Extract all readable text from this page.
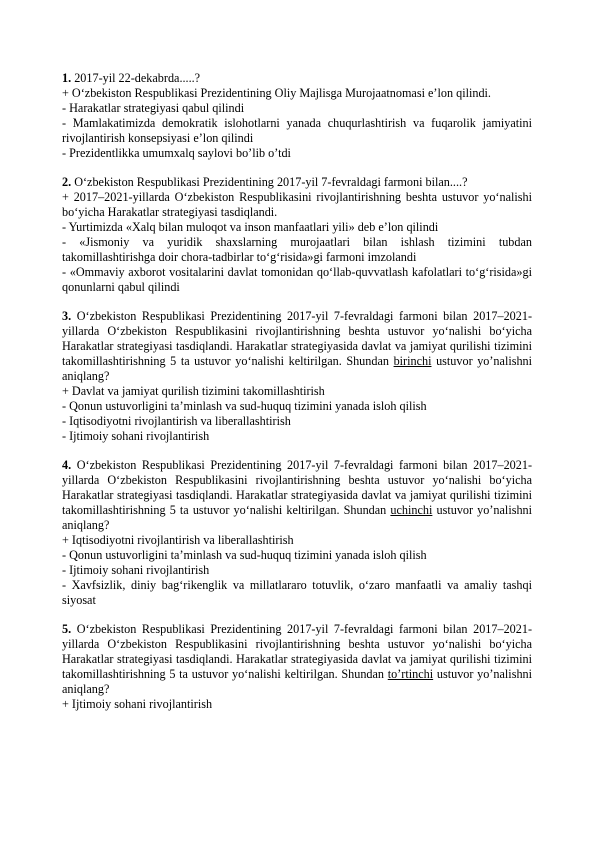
1. 2017-yil 22-dekabrda.....?
+ O‘zbekiston Respublikasi Prezidentining Oliy Majlisga Murojaatnomasi e’lon qilindi.
- Harakatlar strategiyasi qabul qilindi
- Mamlakatimizda demokratik islohotlarni yanada chuqurlashtirish va fuqarolik jamiyatini rivojlantirish konsepsiyasi e’lon qilindi
- Prezidentlikka umumxalq saylovi bo’lib o’tdi
2. O‘zbekiston Respublikasi Prezidentining 2017-yil 7-fevraldagi farmoni bilan....?
+ 2017–2021-yillarda O‘zbekiston Respublikasini rivojlantirishning beshta ustuvor yo‘nalishi bo‘yicha Harakatlar strategiyasi tasdiqlandi.
- Yurtimizda «Xalq bilan muloqot va inson manfaatlari yili» deb e’lon qilindi
- «Jismoniy va yuridik shaxslarning murojaatlari bilan ishlash tizimini tubdan takomillashtirishga doir chora-tadbirlar to‘g‘risida»gi farmoni imzolandi
- «Ommaviy axborot vositalarini davlat tomonidan qo‘llab-quvvatlash kafolatlari to‘g‘risida»gi qonunlarni qabul qilindi
3. O‘zbekiston Respublikasi Prezidentining 2017-yil 7-fevraldagi farmoni bilan 2017–2021-yillarda O‘zbekiston Respublikasini rivojlantirishning beshta ustuvor yo‘nalishi bo‘yicha Harakatlar strategiyasi tasdiqlandi. Harakatlar strategiyasida davlat va jamiyat qurilishi tizimini takomillashtirishning 5 ta ustuvor yo‘nalishi keltirilgan. Shundan birinchi ustuvor yo’nalishni aniqlang?
+ Davlat va jamiyat qurilish tizimini takomillashtirish
- Qonun ustuvorligini ta’minlash va sud-huquq tizimini yanada isloh qilish
- Iqtisodiyotni rivojlantirish va liberallashtirish
- Ijtimoiy sohani rivojlantirish
4. O‘zbekiston Respublikasi Prezidentining 2017-yil 7-fevraldagi farmoni bilan 2017–2021-yillarda O‘zbekiston Respublikasini rivojlantirishning beshta ustuvor yo‘nalishi bo‘yicha Harakatlar strategiyasi tasdiqlandi. Harakatlar strategiyasida davlat va jamiyat qurilishi tizimini takomillashtirishning 5 ta ustuvor yo‘nalishi keltirilgan. Shundan uchinchi ustuvor yo’nalishni aniqlang?
+ Iqtisodiyotni rivojlantirish va liberallashtirish
- Qonun ustuvorligini ta’minlash va sud-huquq tizimini yanada isloh qilish
- Ijtimoiy sohani rivojlantirish
- Xavfsizlik, diniy bag‘rikenglik va millatlararo totuvlik, o‘zaro manfaatli va amaliy tashqi siyosat
5. O‘zbekiston Respublikasi Prezidentining 2017-yil 7-fevraldagi farmoni bilan 2017–2021-yillarda O‘zbekiston Respublikasini rivojlantirishning beshta ustuvor yo‘nalishi bo‘yicha Harakatlar strategiyasi tasdiqlandi. Harakatlar strategiyasida davlat va jamiyat qurilishi tizimini takomillashtirishning 5 ta ustuvor yo‘nalishi keltirilgan. Shundan to’rtinchi ustuvor yo’nalishni aniqlang?
+ Ijtimoiy sohani rivojlantirish
